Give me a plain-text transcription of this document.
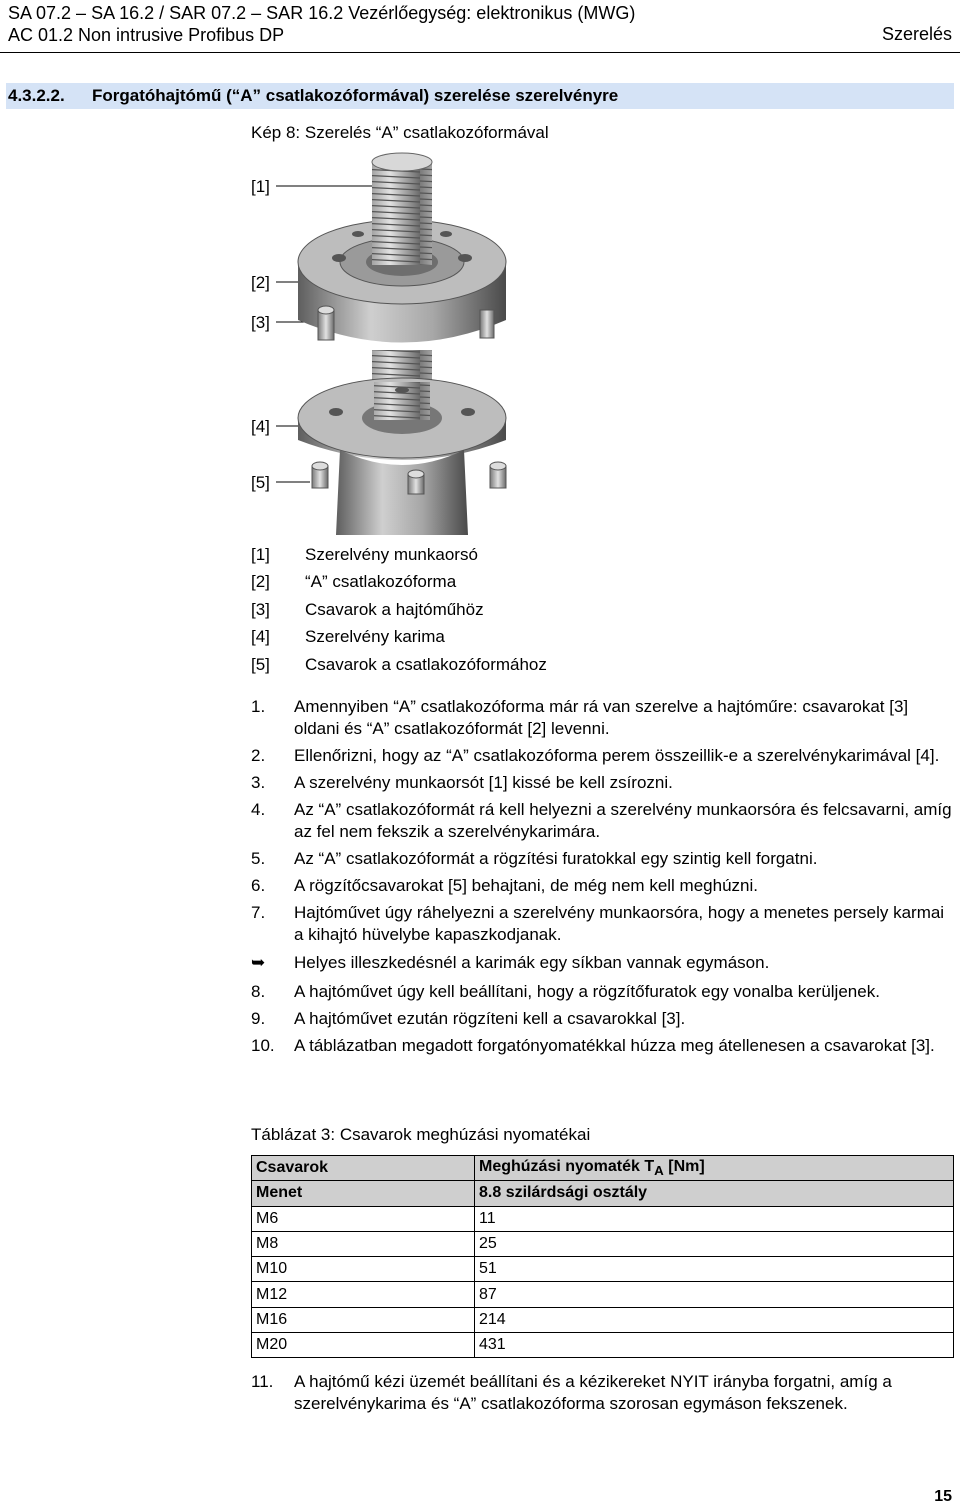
SA 07.2 – SA 16.2 / SAR 07.2 – SAR 16.2 Vezérlőegység: elektronikus (MWG)
AC 01.2 Non intrusive Profibus DP	Szerelés
4.3.2.2.	Forgatóhajtómű (“A” csatlakozóformával) szerelése szerelvényre
Kép 8: Szerelés “A” csatlakozóformával
[1]
[2]
[3]
[4]
[5]
[1]	Szerelvény munkaorsó
[2]	“A” csatlakozóforma
[3]	Csavarok a hajtóműhöz
[4]	Szerelvény karima
[5]	Csavarok a csatlakozóformához
1.	Amennyiben “A” csatlakozóforma már rá van szerelve a hajtóműre: csavarokat [3] oldani és “A” csatlakozóformát [2] levenni.
2.	Ellenőrizni, hogy az “A” csatlakozóforma perem összeillik-e a szerelvénykarimával [4].
3.	A szerelvény munkaorsót [1] kissé be kell zsírozni.
4.	Az “A” csatlakozóformát rá kell helyezni a szerelvény munkaorsóra és felcsavarni, amíg az fel nem fekszik a szerelvénykarimára.
5.	Az “A” csatlakozóformát a rögzítési furatokkal egy szintig kell forgatni.
6.	A rögzítőcsavarokat [5] behajtani, de még nem kell meghúzni.
7.	Hajtóművet úgy ráhelyezni a szerelvény munkaorsóra, hogy a menetes persely karmai a kihajtó hüvelybe kapaszkodjanak.
➥	Helyes illeszkedésnél a karimák egy síkban vannak egymáson.
8.	A hajtóművet úgy kell beállítani, hogy a rögzítőfuratok egy vonalba kerüljenek.
9.	A hajtóművet ezután rögzíteni kell a csavarokkal [3].
10.	A táblázatban megadott forgatónyomatékkal húzza meg átellenesen a csavarokat [3].
Táblázat 3: Csavarok meghúzási nyomatékai
Csavarok	Meghúzási nyomaték $T_A$ [Nm]
Menet	8.8 szilárdsági osztály
M6	11
M8	25
M10	51
M12	87
M16	214
M20	431
11.	A hajtómű kézi üzemét beállítani és a kézikereket NYIT irányba forgatni, amíg a szerelvénykarima és “A” csatlakozóforma szorosan egymáson fekszenek.
15
